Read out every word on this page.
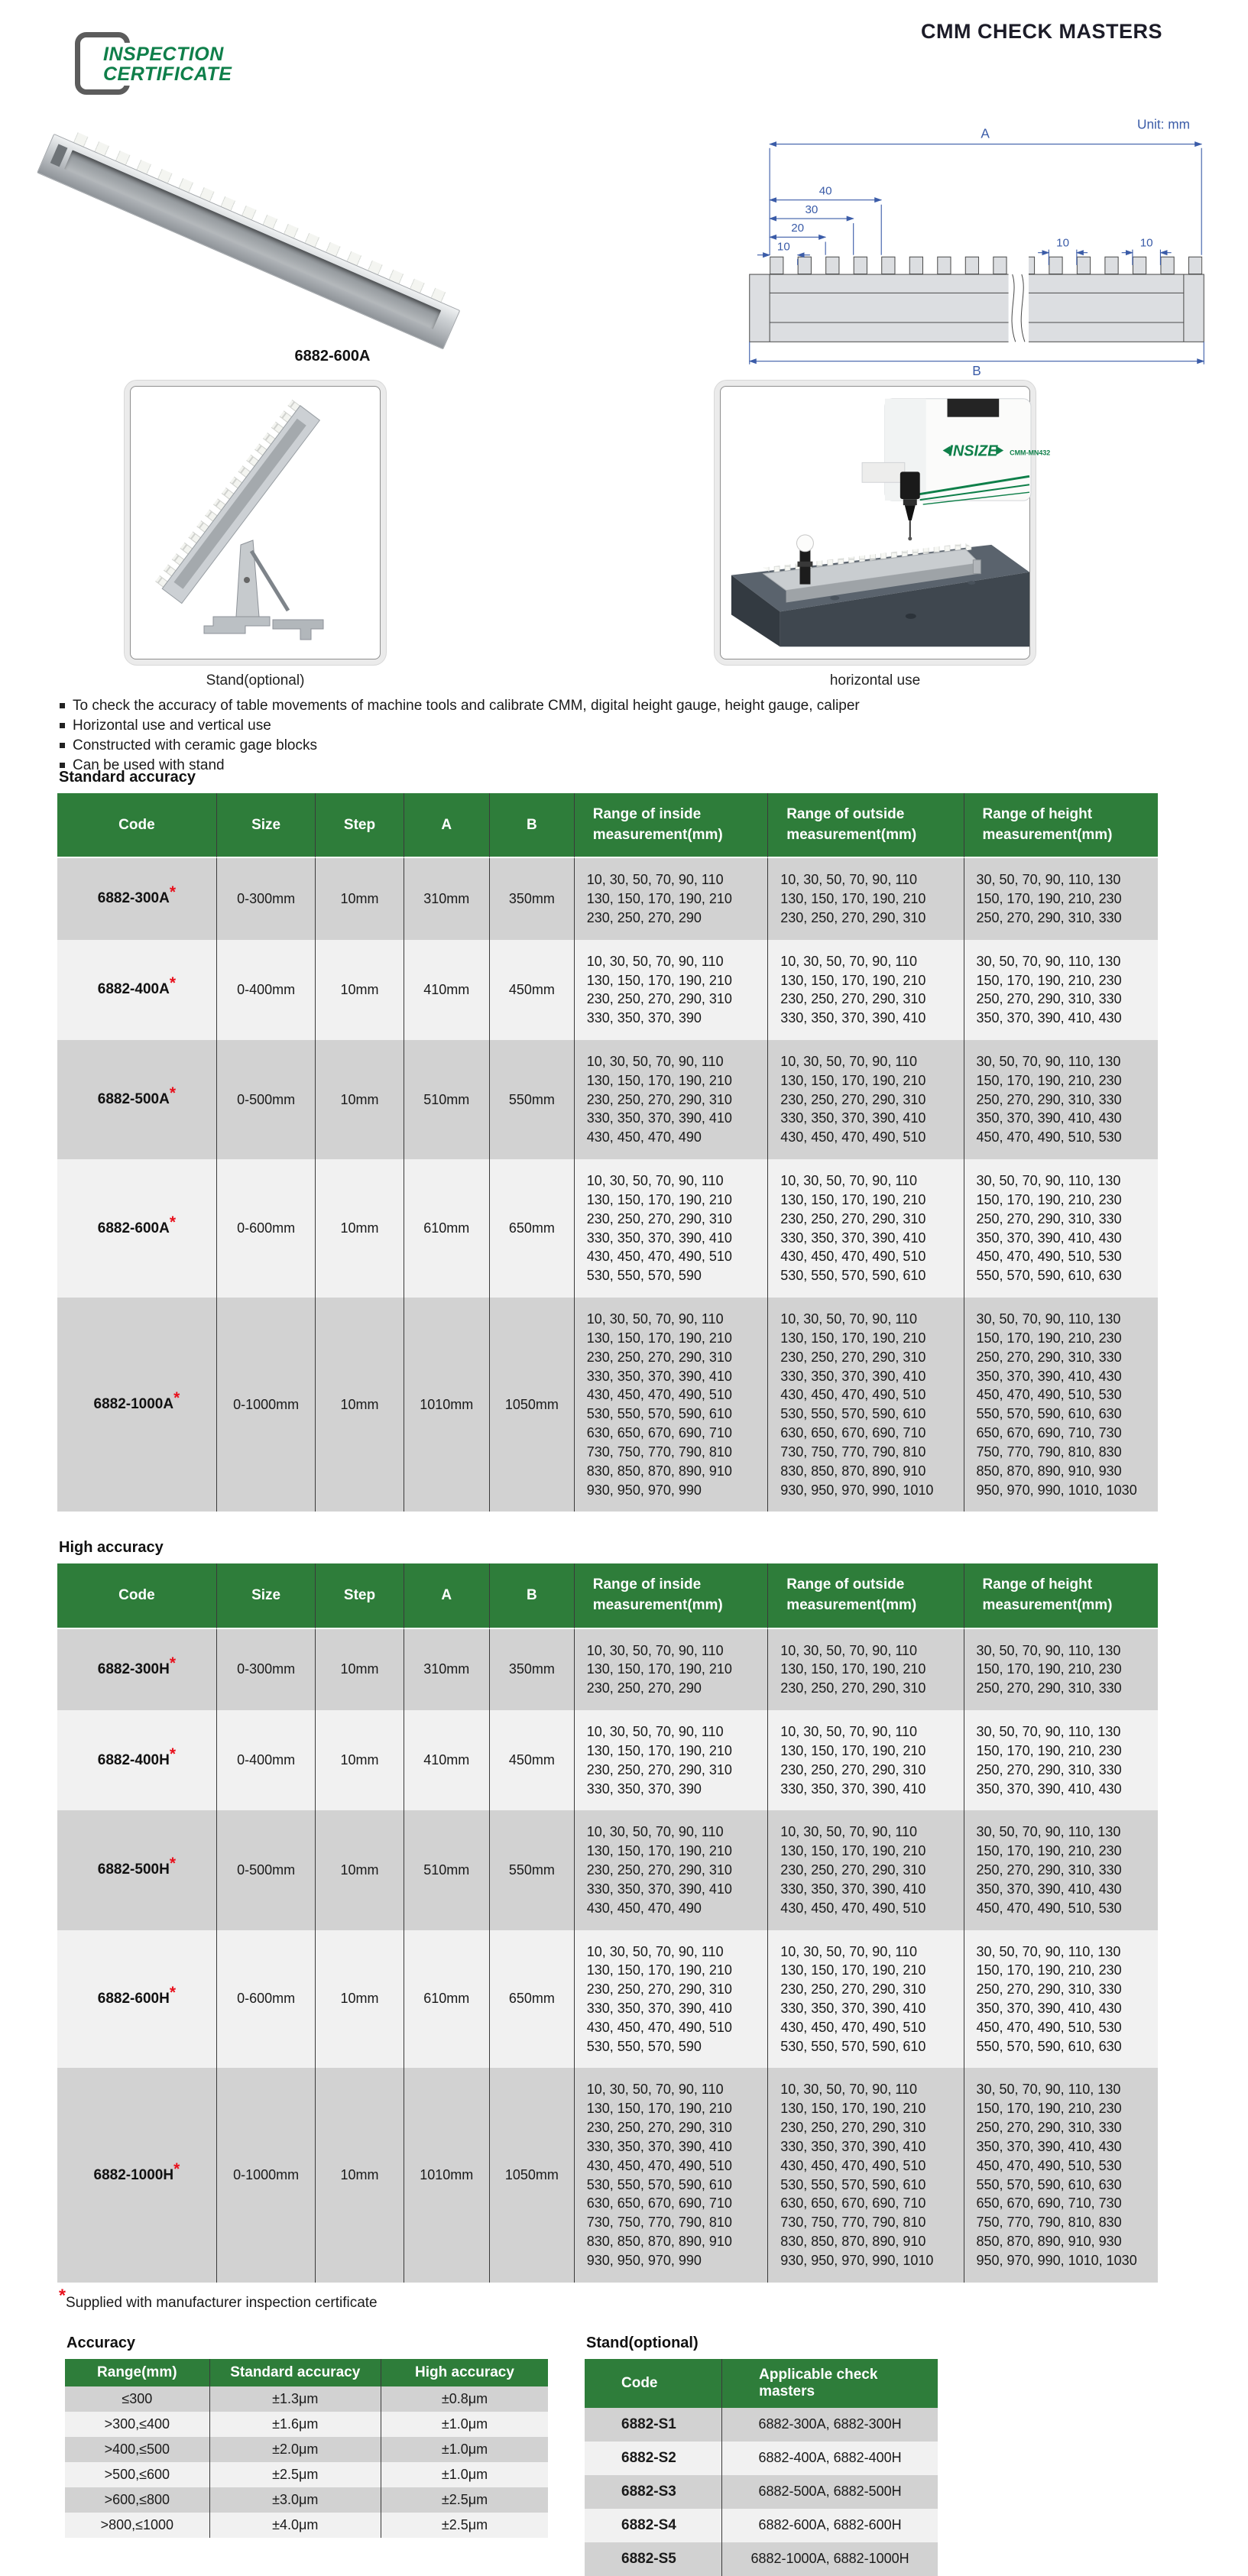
INSPECTION
CERTIFICATE
CMM CHECK MASTERS
6882-600A
Unit: mm
A
40
30
20
10	10	10
B
Stand(optional)
INSIZE CMM-MN432
horizontal use
To check the accuracy of table movements of machine tools and calibrate CMM, digital height gauge, height gauge, caliper
Horizontal use and vertical use
Constructed with ceramic gage blocks
Can be used with stand
Standard accuracy
Code	Size	Step	A	B	Range of inside
measurement(mm)	Range of outside
measurement(mm)	Range of height
measurement(mm)
6882-300A*	0-300mm	10mm	310mm	350mm	10, 30, 50, 70, 90, 110
130, 150, 170, 190, 210
230, 250, 270, 290	10, 30, 50, 70, 90, 110
130, 150, 170, 190, 210
230, 250, 270, 290, 310	30, 50, 70, 90, 110, 130
150, 170, 190, 210, 230
250, 270, 290, 310, 330
6882-400A*	0-400mm	10mm	410mm	450mm	10, 30, 50, 70, 90, 110
130, 150, 170, 190, 210
230, 250, 270, 290, 310
330, 350, 370, 390	10, 30, 50, 70, 90, 110
130, 150, 170, 190, 210
230, 250, 270, 290, 310
330, 350, 370, 390, 410	30, 50, 70, 90, 110, 130
150, 170, 190, 210, 230
250, 270, 290, 310, 330
350, 370, 390, 410, 430
6882-500A*	0-500mm	10mm	510mm	550mm	10, 30, 50, 70, 90, 110
130, 150, 170, 190, 210
230, 250, 270, 290, 310
330, 350, 370, 390, 410
430, 450, 470, 490	10, 30, 50, 70, 90, 110
130, 150, 170, 190, 210
230, 250, 270, 290, 310
330, 350, 370, 390, 410
430, 450, 470, 490, 510	30, 50, 70, 90, 110, 130
150, 170, 190, 210, 230
250, 270, 290, 310, 330
350, 370, 390, 410, 430
450, 470, 490, 510, 530
6882-600A*	0-600mm	10mm	610mm	650mm	10, 30, 50, 70, 90, 110
130, 150, 170, 190, 210
230, 250, 270, 290, 310
330, 350, 370, 390, 410
430, 450, 470, 490, 510
530, 550, 570, 590	10, 30, 50, 70, 90, 110
130, 150, 170, 190, 210
230, 250, 270, 290, 310
330, 350, 370, 390, 410
430, 450, 470, 490, 510
530, 550, 570, 590, 610	30, 50, 70, 90, 110, 130
150, 170, 190, 210, 230
250, 270, 290, 310, 330
350, 370, 390, 410, 430
450, 470, 490, 510, 530
550, 570, 590, 610, 630
6882-1000A*	0-1000mm	10mm	1010mm	1050mm	10, 30, 50, 70, 90, 110
130, 150, 170, 190, 210
230, 250, 270, 290, 310
330, 350, 370, 390, 410
430, 450, 470, 490, 510
530, 550, 570, 590, 610
630, 650, 670, 690, 710
730, 750, 770, 790, 810
830, 850, 870, 890, 910
930, 950, 970, 990	10, 30, 50, 70, 90, 110
130, 150, 170, 190, 210
230, 250, 270, 290, 310
330, 350, 370, 390, 410
430, 450, 470, 490, 510
530, 550, 570, 590, 610
630, 650, 670, 690, 710
730, 750, 770, 790, 810
830, 850, 870, 890, 910
930, 950, 970, 990, 1010	30, 50, 70, 90, 110, 130
150, 170, 190, 210, 230
250, 270, 290, 310, 330
350, 370, 390, 410, 430
450, 470, 490, 510, 530
550, 570, 590, 610, 630
650, 670, 690, 710, 730
750, 770, 790, 810, 830
850, 870, 890, 910, 930
950, 970, 990, 1010, 1030
High accuracy
Code	Size	Step	A	B	Range of inside
measurement(mm)	Range of outside
measurement(mm)	Range of height
measurement(mm)
6882-300H*	0-300mm	10mm	310mm	350mm	10, 30, 50, 70, 90, 110
130, 150, 170, 190, 210
230, 250, 270, 290	10, 30, 50, 70, 90, 110
130, 150, 170, 190, 210
230, 250, 270, 290, 310	30, 50, 70, 90, 110, 130
150, 170, 190, 210, 230
250, 270, 290, 310, 330
6882-400H*	0-400mm	10mm	410mm	450mm	10, 30, 50, 70, 90, 110
130, 150, 170, 190, 210
230, 250, 270, 290, 310
330, 350, 370, 390	10, 30, 50, 70, 90, 110
130, 150, 170, 190, 210
230, 250, 270, 290, 310
330, 350, 370, 390, 410	30, 50, 70, 90, 110, 130
150, 170, 190, 210, 230
250, 270, 290, 310, 330
350, 370, 390, 410, 430
6882-500H*	0-500mm	10mm	510mm	550mm	10, 30, 50, 70, 90, 110
130, 150, 170, 190, 210
230, 250, 270, 290, 310
330, 350, 370, 390, 410
430, 450, 470, 490	10, 30, 50, 70, 90, 110
130, 150, 170, 190, 210
230, 250, 270, 290, 310
330, 350, 370, 390, 410
430, 450, 470, 490, 510	30, 50, 70, 90, 110, 130
150, 170, 190, 210, 230
250, 270, 290, 310, 330
350, 370, 390, 410, 430
450, 470, 490, 510, 530
6882-600H*	0-600mm	10mm	610mm	650mm	10, 30, 50, 70, 90, 110
130, 150, 170, 190, 210
230, 250, 270, 290, 310
330, 350, 370, 390, 410
430, 450, 470, 490, 510
530, 550, 570, 590	10, 30, 50, 70, 90, 110
130, 150, 170, 190, 210
230, 250, 270, 290, 310
330, 350, 370, 390, 410
430, 450, 470, 490, 510
530, 550, 570, 590, 610	30, 50, 70, 90, 110, 130
150, 170, 190, 210, 230
250, 270, 290, 310, 330
350, 370, 390, 410, 430
450, 470, 490, 510, 530
550, 570, 590, 610, 630
6882-1000H*	0-1000mm	10mm	1010mm	1050mm	10, 30, 50, 70, 90, 110
130, 150, 170, 190, 210
230, 250, 270, 290, 310
330, 350, 370, 390, 410
430, 450, 470, 490, 510
530, 550, 570, 590, 610
630, 650, 670, 690, 710
730, 750, 770, 790, 810
830, 850, 870, 890, 910
930, 950, 970, 990	10, 30, 50, 70, 90, 110
130, 150, 170, 190, 210
230, 250, 270, 290, 310
330, 350, 370, 390, 410
430, 450, 470, 490, 510
530, 550, 570, 590, 610
630, 650, 670, 690, 710
730, 750, 770, 790, 810
830, 850, 870, 890, 910
930, 950, 970, 990, 1010	30, 50, 70, 90, 110, 130
150, 170, 190, 210, 230
250, 270, 290, 310, 330
350, 370, 390, 410, 430
450, 470, 490, 510, 530
550, 570, 590, 610, 630
650, 670, 690, 710, 730
750, 770, 790, 810, 830
850, 870, 890, 910, 930
950, 970, 990, 1010, 1030
*Supplied with manufacturer inspection certificate
Accuracy
Range(mm)	Standard accuracy	High accuracy
≤300	±1.3μm	±0.8μm
>300,≤400	±1.6μm	±1.0μm
>400,≤500	±2.0μm	±1.0μm
>500,≤600	±2.5μm	±1.0μm
>600,≤800	±3.0μm	±2.5μm
>800,≤1000	±4.0μm	±2.5μm
Stand(optional)
Code	Applicable check masters
6882-S1	6882-300A, 6882-300H
6882-S2	6882-400A, 6882-400H
6882-S3	6882-500A, 6882-500H
6882-S4	6882-600A, 6882-600H
6882-S5	6882-1000A, 6882-1000H
